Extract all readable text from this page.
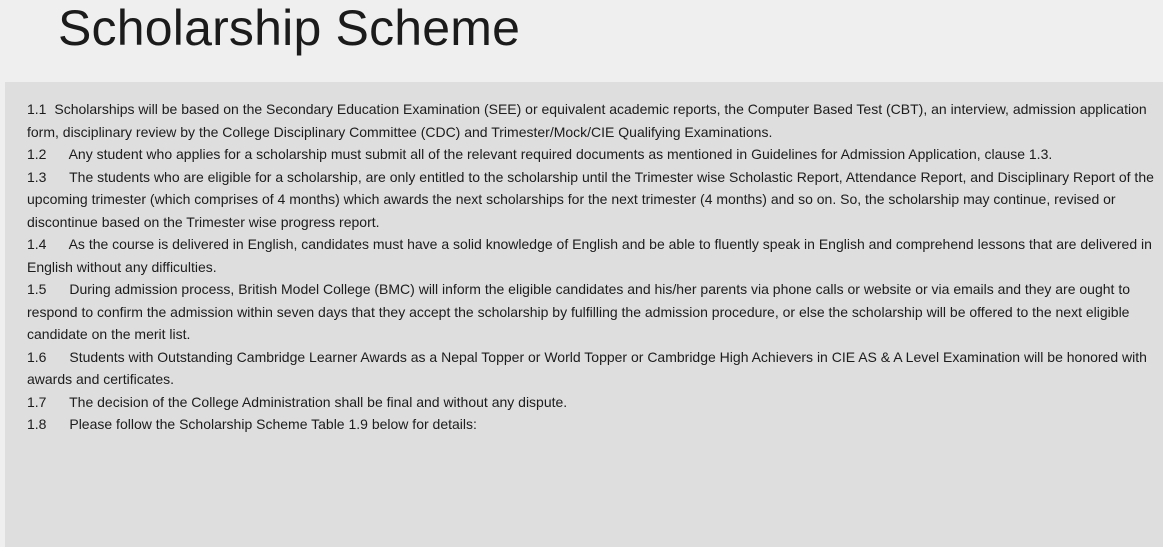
Scholarship Scheme

1.1 Scholarships will be based on the Secondary Education Examination (SEE) or equivalent academic reports, the Computer Based Test (CBT), an interview, admission application form, disciplinary review by the College Disciplinary Committee (CDC) and Trimester/Mock/CIE Qualifying Examinations.

1.2 Any student who applies for a scholarship must submit all of the relevant required documents as mentioned in Guidelines for Admission Application, clause 1.3.

1.3 The students who are eligible for a scholarship, are only entitled to the scholarship until the Trimester wise Scholastic Report, Attendance Report, and Disciplinary Report of the upcoming trimester (which comprises of 4 months) which awards the next scholarships for the next trimester (4 months) and so on. So, the scholarship may continue, revised or discontinue based on the Trimester wise progress report.

1.4 As the course is delivered in English, candidates must have a solid knowledge of English and be able to fluently speak in English and comprehend lessons that are delivered in English without any difficulties.

1.5 During admission process, British Model College (BMC) will inform the eligible candidates and his/her parents via phone calls or website or via emails and they are ought to respond to confirm the admission within seven days that they accept the scholarship by fulfilling the admission procedure, or else the scholarship will be offered to the next eligible candidate on the merit list.

1.6 Students with Outstanding Cambridge Learner Awards as a Nepal Topper or World Topper or Cambridge High Achievers in CIE AS & A Level Examination will be honored with awards and certificates.

1.7 The decision of the College Administration shall be final and without any dispute.

1.8 Please follow the Scholarship Scheme Table 1.9 below for details:
